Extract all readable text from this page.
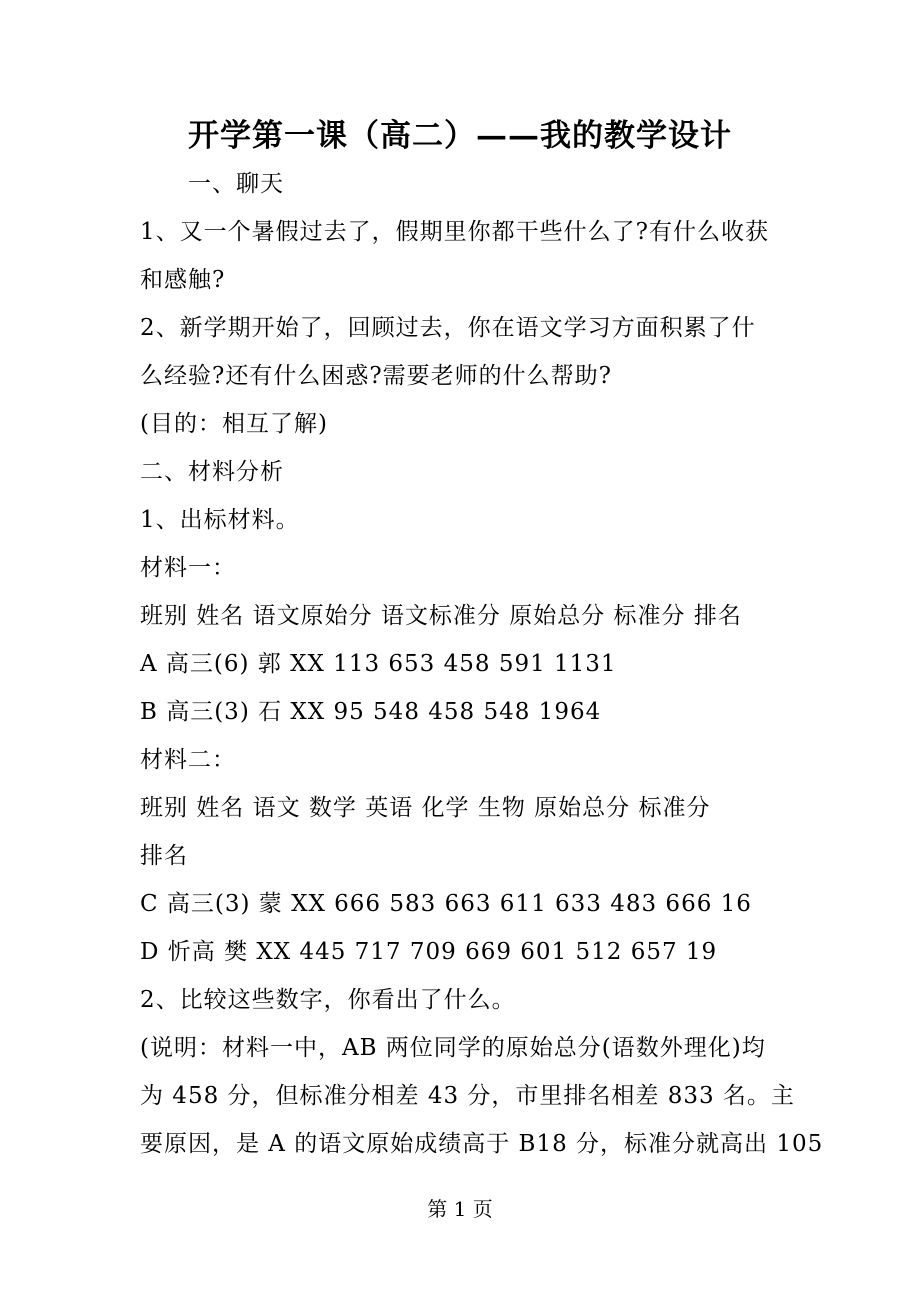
开学第一课（高二）——我的教学设计
一、聊天
1、又一个暑假过去了，假期里你都干些什么了?有什么收获
和感触?
2、新学期开始了，回顾过去，你在语文学习方面积累了什
么经验?还有什么困惑?需要老师的什么帮助?
(目的：相互了解)
二、材料分析
1、出标材料。
材料一：
班别 姓名 语文原始分 语文标准分 原始总分 标准分 排名
A 高三(6) 郭 XX 113 653 458 591 1131
B 高三(3) 石 XX 95 548 458 548 1964
材料二：
班别 姓名 语文 数学 英语 化学 生物 原始总分 标准分
排名
C 高三(3) 蒙 XX 666 583 663 611 633 483 666 16
D 忻高 樊 XX 445 717 709 669 601 512 657 19
2、比较这些数字，你看出了什么。
(说明：材料一中，AB 两位同学的原始总分(语数外理化)均
为 458 分，但标准分相差 43 分，市里排名相差 833 名。主
要原因，是 A 的语文原始成绩高于 B18 分，标准分就高出 105
第 1 页
